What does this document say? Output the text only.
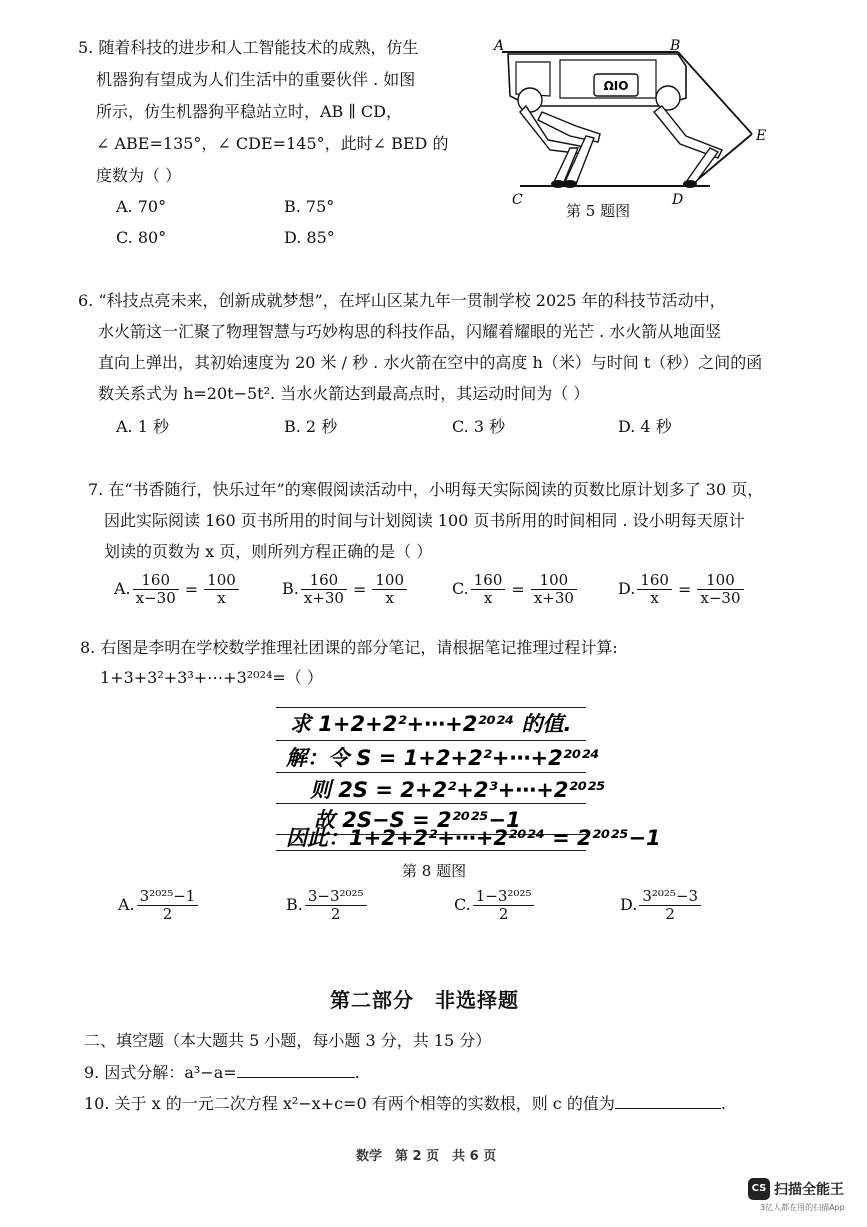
5. 随着科技的进步和人工智能技术的成熟，仿生
机器狗有望成为人们生活中的重要伙伴 . 如图
所示，仿生机器狗平稳站立时，AB ∥ CD，
∠ ABE=135°，∠ CDE=145°，此时∠ BED 的
度数为（ ）
A. 70°	B. 75°
C. 80°	D. 85°
ΩIO
A	B
E
C	D
第 5 题图
6. “科技点亮未来，创新成就梦想”，在坪山区某九年一贯制学校 2025 年的科技节活动中，
水火箭这一汇聚了物理智慧与巧妙构思的科技作品，闪耀着耀眼的光芒 . 水火箭从地面竖
直向上弹出，其初始速度为 20 米 / 秒 . 水火箭在空中的高度 h（米）与时间 t（秒）之间的函
数关系式为 h=20t−5t². 当水火箭达到最高点时，其运动时间为（ ）
A. 1 秒	B. 2 秒	C. 3 秒	D. 4 秒
7. 在“书香随行，快乐过年”的寒假阅读活动中，小明每天实际阅读的页数比原计划多了 30 页，
因此实际阅读 160 页书所用的时间与计划阅读 100 页书所用的时间相同 . 设小明每天原计
划读的页数为 x 页，则所列方程正确的是（ ）
A. $\frac{160}{x-30} = \frac{100}{x}$	B. $\frac{160}{x+30} = \frac{100}{x}$	C. $\frac{160}{x} = \frac{100}{x+30}$	D. $\frac{160}{x} = \frac{100}{x-30}$
8. 右图是李明在学校数学推理社团课的部分笔记，请根据笔记推理过程计算:
1+3+3²+3³+⋯+3²⁰²⁴=（ ）
求 1+2+2²+⋯+2²⁰²⁴ 的值.
解：令 S = 1+2+2²+⋯+2²⁰²⁴
则 2S = 2+2²+2³+⋯+2²⁰²⁵
故 2S−S = 2²⁰²⁵−1
因此：1+2+2²+⋯+2²⁰²⁴ = 2²⁰²⁵−1
第 8 题图
A. $\frac{\text{3²⁰²⁵−1}}{2}$	B. $\frac{\text{3−3²⁰²⁵}}{2}$	C. $\frac{\text{1−3²⁰²⁵}}{2}$	D. $\frac{\text{3²⁰²⁵−3}}{2}$
第二部分　非选择题
二、填空题（本大题共 5 小题，每小题 3 分，共 15 分）
9. 因式分解：a³−a=	.
10. 关于 x 的一元二次方程 x²−x+c=0 有两个相等的实数根，则 c 的值为	.
数学　第 2 页　共 6 页
CS 扫描全能王
3亿人都在用的扫描App
